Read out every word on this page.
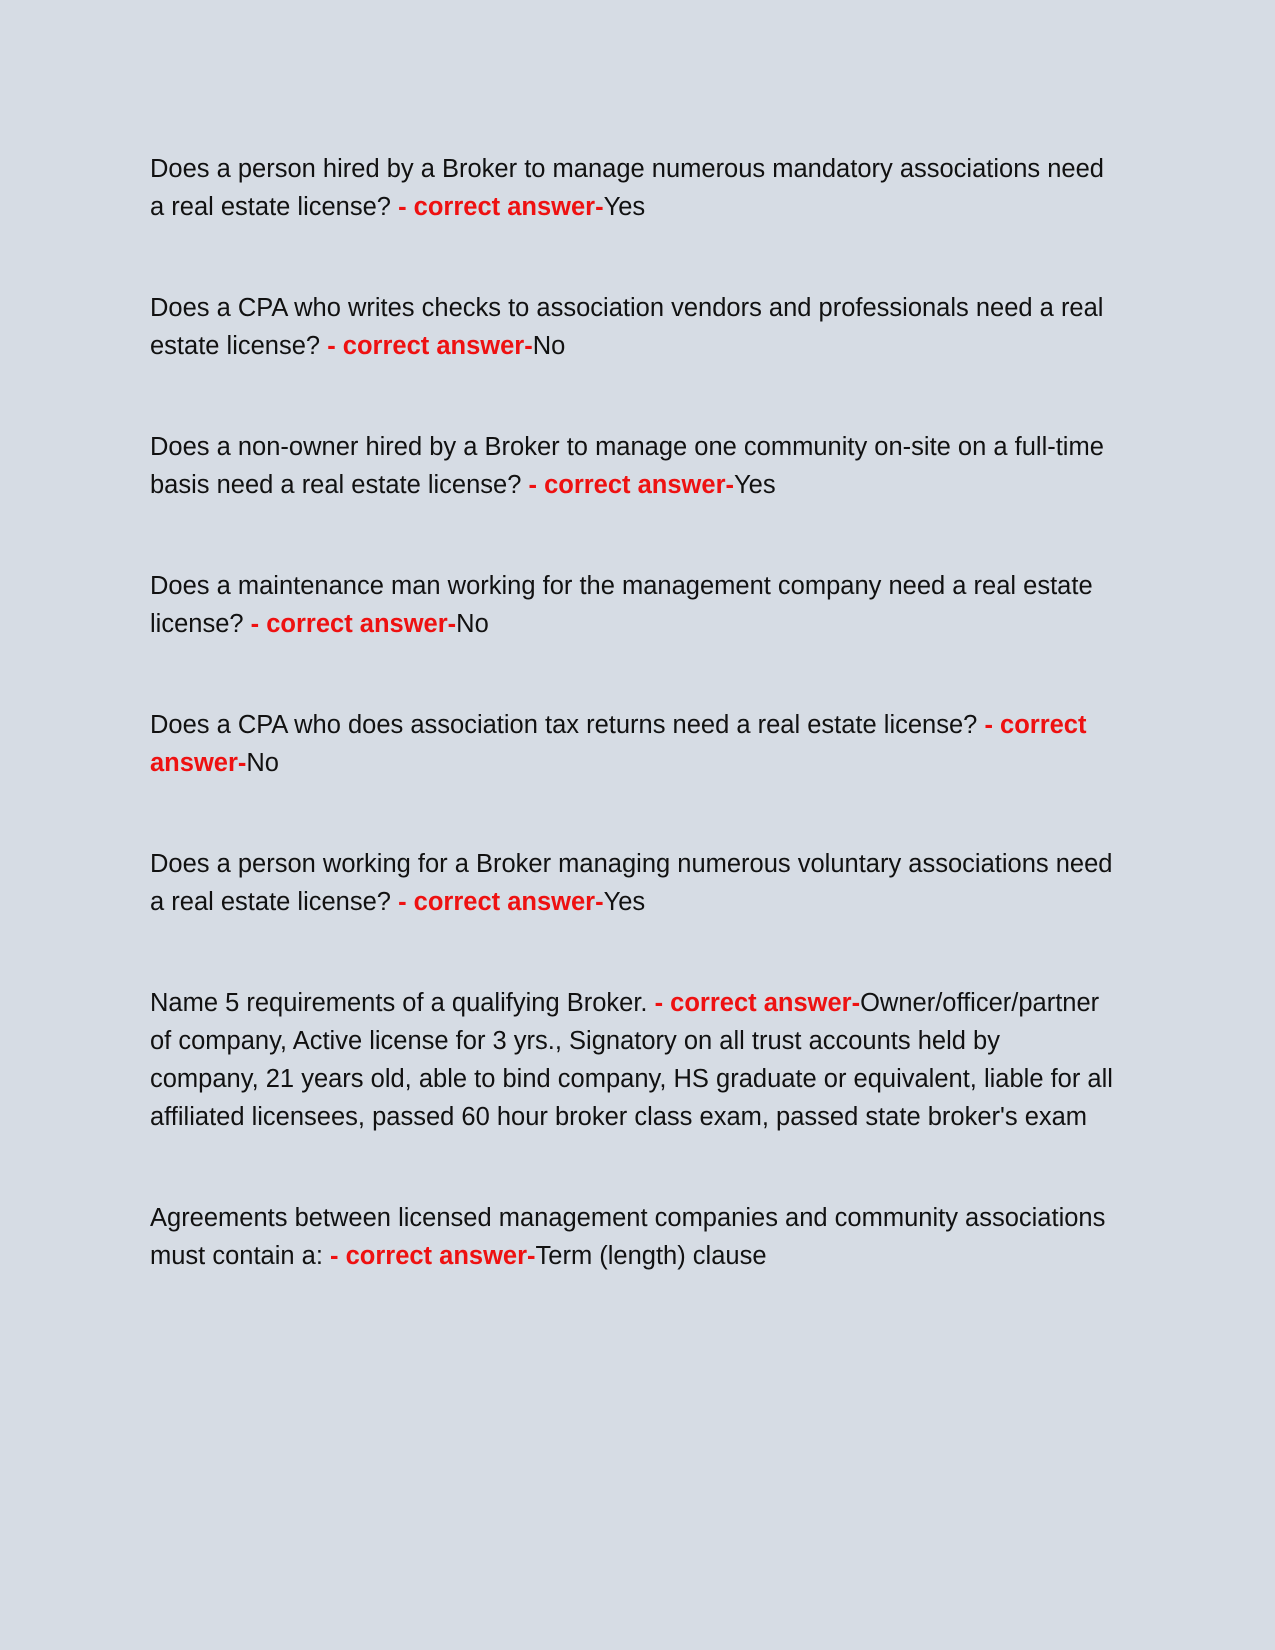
Does a person hired by a Broker to manage numerous mandatory associations need a real estate license? - correct answer-Yes

Does a CPA who writes checks to association vendors and professionals need a real estate license? - correct answer-No

Does a non-owner hired by a Broker to manage one community on-site on a full-time basis need a real estate license? - correct answer-Yes

Does a maintenance man working for the management company need a real estate license? - correct answer-No

Does a CPA who does association tax returns need a real estate license? - correct answer-No

Does a person working for a Broker managing numerous voluntary associations need a real estate license? - correct answer-Yes

Name 5 requirements of a qualifying Broker. - correct answer-Owner/officer/partner of company, Active license for 3 yrs., Signatory on all trust accounts held by company, 21 years old, able to bind company, HS graduate or equivalent, liable for all affiliated licensees, passed 60 hour broker class exam, passed state broker's exam

Agreements between licensed management companies and community associations must contain a: - correct answer-Term (length) clause
